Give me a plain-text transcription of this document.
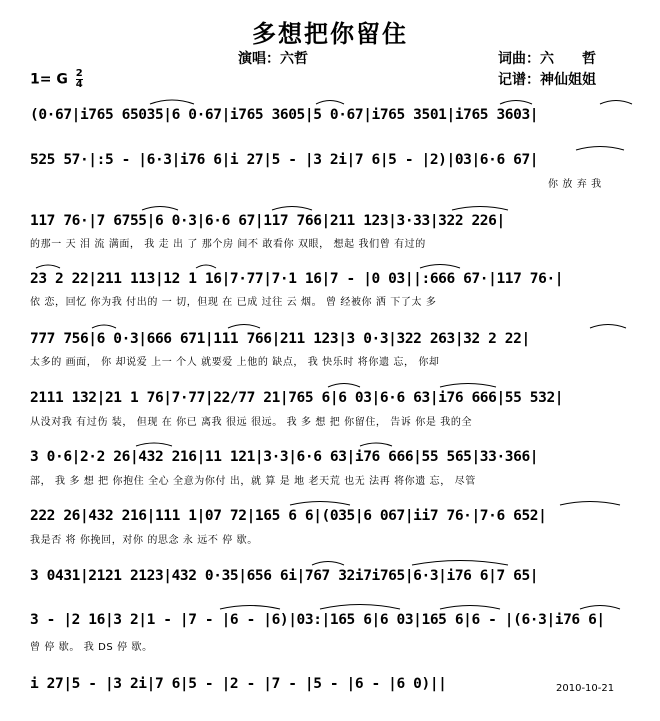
多想把你留住
演唱：六哲	词曲：六　　哲
记谱：神仙姐姐
1= G $\frac{2}{4}$
(0·67|i765 65035|6 0·67|i765 3605|5 0·67|i765 3501|i765 3603|
525 57·|:5 - |6·3|i76 6|i 27|5 - |3 2i|7 6|5 - |2)|03|6·6 67|
你 放 弃 我
117 76·|7 6755|6 0·3|6·6 67|117 766|211 123|3·33|322 226|
的那一 天 泪 流 满面， 我 走 出 了 那个房 间不 敢看你 双眼， 想起 我们曾 有过的
23 2 22|211 113|12 1 16|7·77|7·1 16|7 - |0 03||:666 67·|117 76·|
依 恋，回忆 你为我 付出的 一 切，但现 在 已成 过往 云 烟。 曾 经被你 洒 下了太 多
777 756|6 0·3|666 671|111 766|211 123|3 0·3|322 263|32 2 22|
太多的 画面， 你 却说爱 上一 个人 就要爱 上他的 缺点， 我 快乐时 将你遗 忘， 你却
2111 132|21 1 76|7·77|22/77 21|765 6|6 03|6·6 63|i76 666|55 532|
从没对我 有过伤 装， 但现 在 你已 离我 很远 很远。 我 多 想 把 你留住， 告诉 你是 我的全
3 0·6|2·2 26|432 216|11 121|3·3|6·6 63|i76 666|55 565|33·366|
部， 我 多 想 把 你抱住 全心 全意为你付 出，就 算 是 地 老天荒 也无 法再 将你遗 忘， 尽管
222 26|432 216|111 1|07 72|165 6 6|(035|6 067|ii7 76·|7·6 652|
我是否 将 你挽回，对你 的思念 永 远不 停 歇。
3 0431|2121 2123|432 0·35|656 6i|767 32i7i765|6·3|i76 6|7 65|
3 - |2 16|3 2|1 - |7 - |6 - |6)|03:|165 6|6 03|165 6|6 - |(6·3|i76 6|
曾 停 歇。 我 DS 停 歇。
i 27|5 - |3 2i|7 6|5 - |2 - |7 - |5 - |6 - |6 0)||	2010-10-21
